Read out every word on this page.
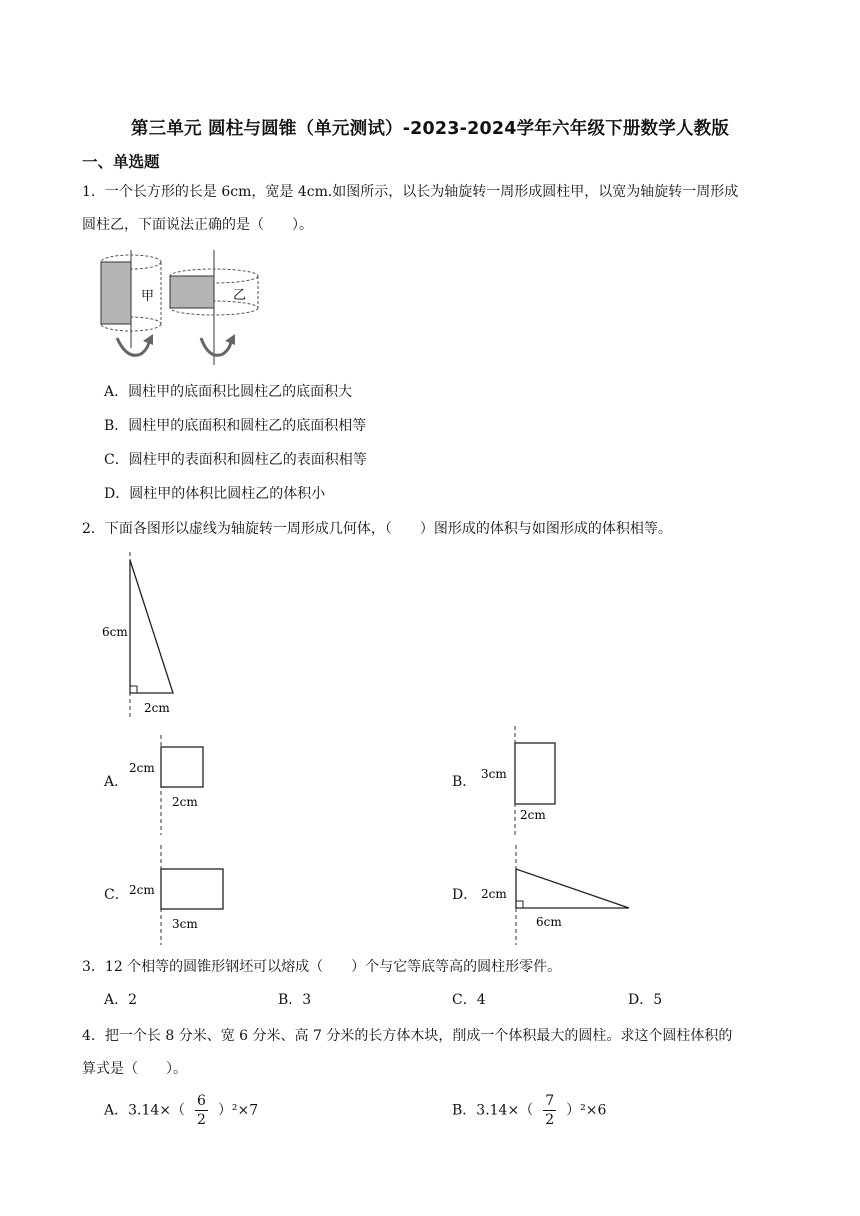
第三单元 圆柱与圆锥（单元测试）-2023-2024学年六年级下册数学人教版
一、单选题
1．一个长方形的长是 6cm，宽是 4cm.如图所示，以长为轴旋转一周形成圆柱甲，以宽为轴旋转一周形成
圆柱乙，下面说法正确的是（　　）。
甲	乙
A．圆柱甲的底面积比圆柱乙的底面积大
B．圆柱甲的底面积和圆柱乙的底面积相等
C．圆柱甲的表面积和圆柱乙的表面积相等
D．圆柱甲的体积比圆柱乙的体积小
2．下面各图形以虚线为轴旋转一周形成几何体，（　　）图形成的体积与如图形成的体积相等。
6cm
2cm
A．
2cm
2cm
B． 3cm
2cm
C． 2cm
3cm
D． 2cm
6cm
3．12 个相等的圆锥形钢坯可以熔成（　　）个与它等底等高的圆柱形零件。
A．2	B．3	C．4	D．5
4．把一个长 8 分米、宽 6 分米、高 7 分米的长方体木块，削成一个体积最大的圆柱。求这个圆柱体积的
算式是（　　）。
A．$3.14\times( \frac{6}{2} )^2\times 7$	B．$3.14\times( \frac{7}{2} )^2\times 6$
